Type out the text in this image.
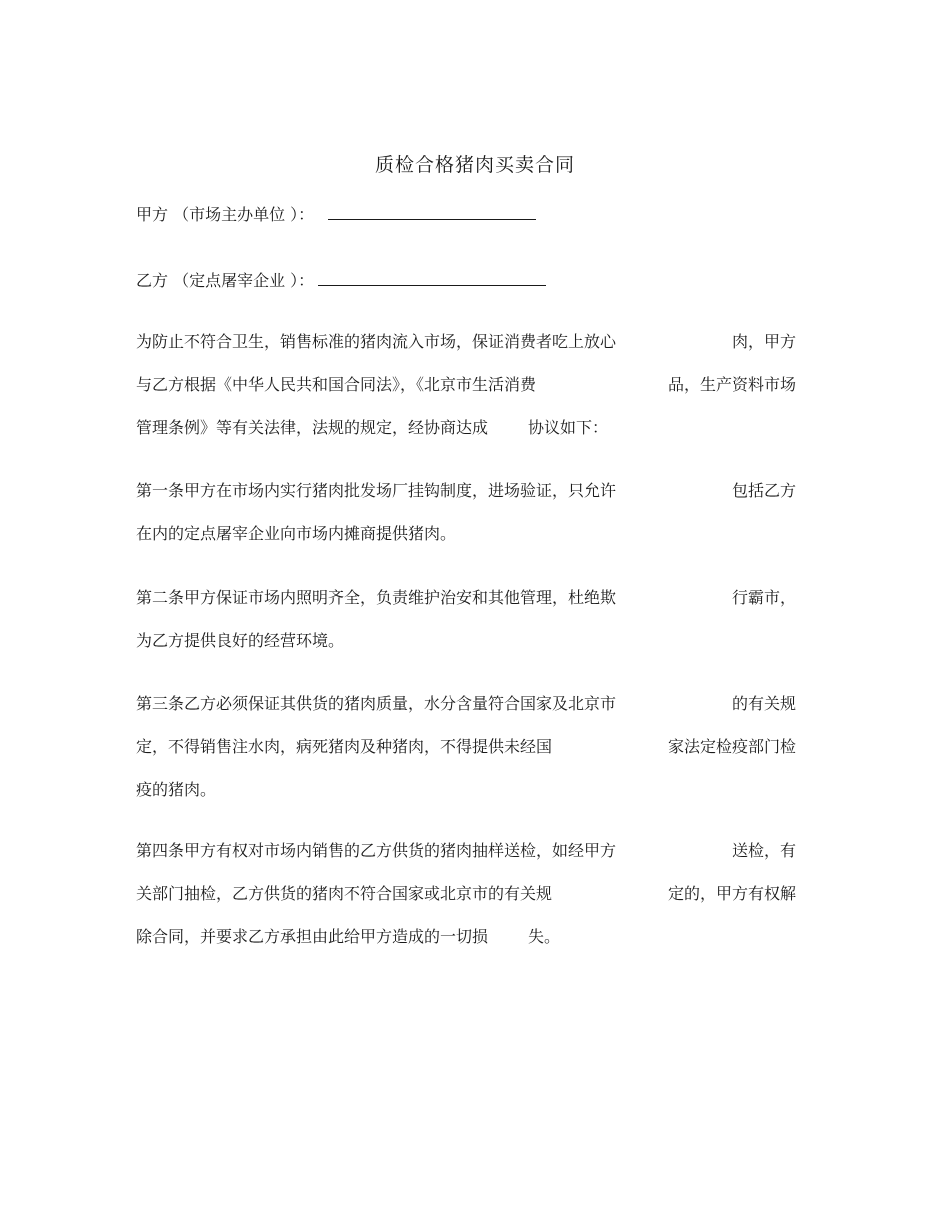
质检合格猪肉买卖合同
甲方 （市场主办单位 ）：
乙方 （定点屠宰企业 ）：
为防止不符合卫生，销售标准的猪肉流入市场，保证消费者吃上放心	肉，甲方
与乙方根据《中华人民共和国合同法》，《北京市生活消费	品，生产资料市场
管理条例》等有关法律，法规的规定，经协商达成	协议如下：
第一条甲方在市场内实行猪肉批发场厂挂钩制度，进场验证，只允许	包括乙方
在内的定点屠宰企业向市场内摊商提供猪肉。
第二条甲方保证市场内照明齐全，负责维护治安和其他管理，杜绝欺	行霸市，
为乙方提供良好的经营环境。
第三条乙方必须保证其供货的猪肉质量，水分含量符合国家及北京市	的有关规
定，不得销售注水肉，病死猪肉及种猪肉，不得提供未经国	家法定检疫部门检
疫的猪肉。
第四条甲方有权对市场内销售的乙方供货的猪肉抽样送检，如经甲方	送检，有
关部门抽检，乙方供货的猪肉不符合国家或北京市的有关规	定的，甲方有权解
除合同，并要求乙方承担由此给甲方造成的一切损	失。
